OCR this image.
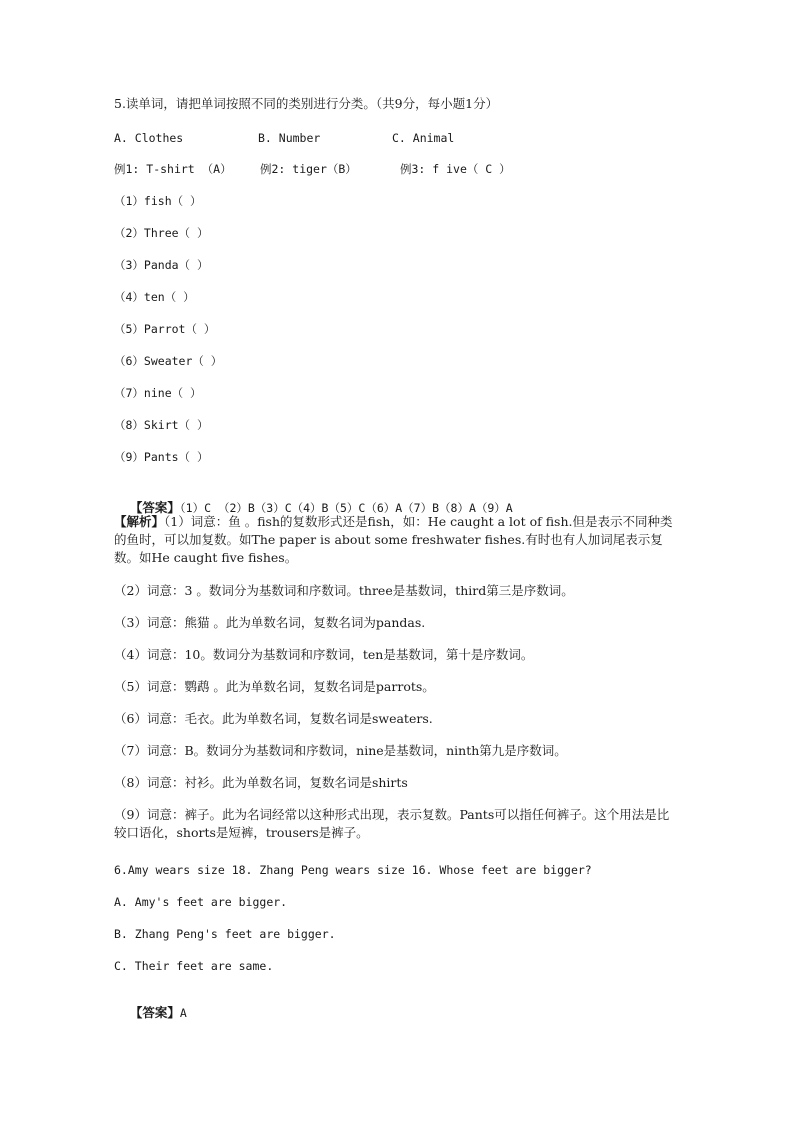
5.读单词，请把单词按照不同的类别进行分类。（共9分，每小题1分）
A. Clothes	B. Number	C. Animal
例1: T-shirt （A） 例2: tiger（B）	例3: f ive（ C ）
（1）fish（ ）
（2）Three（ ）
（3）Panda（ ）
（4）ten（ ）
（5）Parrot（ ）
（6）Sweater（ ）
（7）nine（ ）
（8）Skirt（ ）
（9）Pants（ ）

【答案】（1）C （2）B（3）C（4）B（5）C（6）A（7）B（8）A（9）A

【解析】（1）词意：鱼 。fish的复数形式还是fish，如：He caught a lot of fish.但是表示不同种类的鱼时，可以加复数。如The paper is about some freshwater fishes.有时也有人加词尾表示复数。如He caught five fishes。
（2）词意：3 。数词分为基数词和序数词。three是基数词，third第三是序数词。
（3）词意：熊猫 。此为单数名词，复数名词为pandas.
（4）词意：10。数词分为基数词和序数词，ten是基数词，第十是序数词。
（5）词意：鹦鹉 。此为单数名词，复数名词是parrots。
（6）词意：毛衣。此为单数名词，复数名词是sweaters.
（7）词意：B。数词分为基数词和序数词，nine是基数词，ninth第九是序数词。
（8）词意：衬衫。此为单数名词，复数名词是shirts
（9）词意：裤子。此为名词经常以这种形式出现，表示复数。Pants可以指任何裤子。这个用法是比较口语化，shorts是短裤，trousers是裤子。
6.Amy wears size 18. Zhang Peng wears size 16. Whose feet are bigger?
A. Amy's feet are bigger.
B. Zhang Peng's feet are bigger.
C. Their feet are same.

【答案】A
